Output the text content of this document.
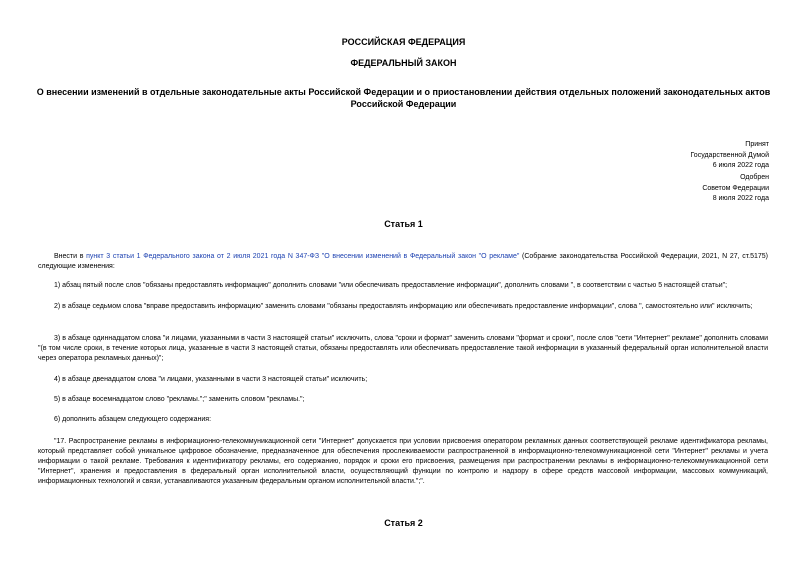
РОССИЙСКАЯ ФЕДЕРАЦИЯ
ФЕДЕРАЛЬНЫЙ ЗАКОН
О внесении изменений в отдельные законодательные акты Российской Федерации и о приостановлении действия отдельных положений законодательных актов Российской Федерации
Принят
Государственной Думой
6 июля 2022 года
Одобрен
Советом Федерации
8 июля 2022 года
Статья 1
Внести в пункт 3 статьи 1 Федерального закона от 2 июля 2021 года N 347-ФЗ "О внесении изменений в Федеральный закон "О рекламе" (Собрание законодательства Российской Федерации, 2021, N 27, ст.5175) следующие изменения:
1) абзац пятый после слов "обязаны предоставлять информацию" дополнить словами "или обеспечивать предоставление информации", дополнить словами ", в соответствии с частью 5 настоящей статьи";
2) в абзаце седьмом слова "вправе предоставить информацию" заменить словами "обязаны предоставлять информацию или обеспечивать предоставление информации", слова ", самостоятельно или" исключить;
3) в абзаце одиннадцатом слова "и лицами, указанными в части 3 настоящей статьи" исключить, слова "сроки и формат" заменить словами "формат и сроки", после слов "сети "Интернет" рекламе" дополнить словами "(в том числе сроки, в течение которых лица, указанные в части 3 настоящей статьи, обязаны предоставлять или обеспечивать предоставление такой информации в указанный федеральный орган исполнительной власти через оператора рекламных данных)";
4) в абзаце двенадцатом слова "и лицами, указанными в части 3 настоящей статьи" исключить;
5) в абзаце восемнадцатом слово "рекламы.";" заменить словом "рекламы.";
6) дополнить абзацем следующего содержания:
"17. Распространение рекламы в информационно-телекоммуникационной сети "Интернет" допускается при условии присвоения оператором рекламных данных соответствующей рекламе идентификатора рекламы, который представляет собой уникальное цифровое обозначение, предназначенное для обеспечения прослеживаемости распространенной в информационно-телекоммуникационной сети "Интернет" рекламы и учета информации о такой рекламе. Требования к идентификатору рекламы, его содержанию, порядок и сроки его присвоения, размещения при распространении рекламы в информационно-телекоммуникационной сети "Интернет", хранения и предоставления в федеральный орган исполнительной власти, осуществляющий функции по контролю и надзору в сфере средств массовой информации, массовых коммуникаций, информационных технологий и связи, устанавливаются указанным федеральным органом исполнительной власти.";".
Статья 2
